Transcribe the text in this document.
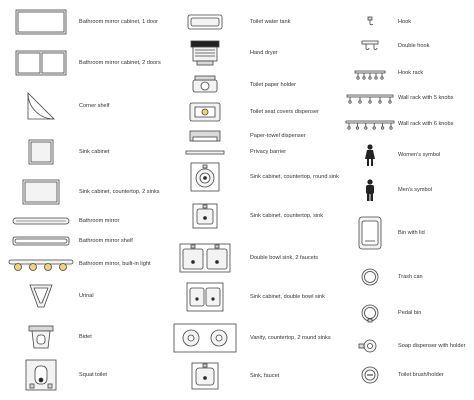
Bathroom mirror cabinet, 1 door
Bathroom mirror cabinet, 2 doors
Corner shelf
Sink cabinet
Sink cabinet, countertop, 2 sinks
Bathroom mirror
Bathroom mirror shelf
Bathroom mirror, built-in light
Urinal
Bidet
Squat toilet
Toilet water tank
Hand dryer
Toilet paper holder
Toilet seat covers dispenser
Paper-towel dispenser
Privacy barrier
Sink cabinet, countertop, round sink
Sink cabinet, countertop, sink
Double bowl sink, 2 faucets
Sink cabinet, double bowl sink
Vanity, countertop, 2 round sinks
Sink, faucet
Hook
Double hook
Hook rack
Wall rack with 5 knobs
Wall rack with 6 knobs
Women's symbol
Men's symbol
Bin with lid
Trash can
Pedal bin
Soap dispenser with holder
Toilet brush/holder
